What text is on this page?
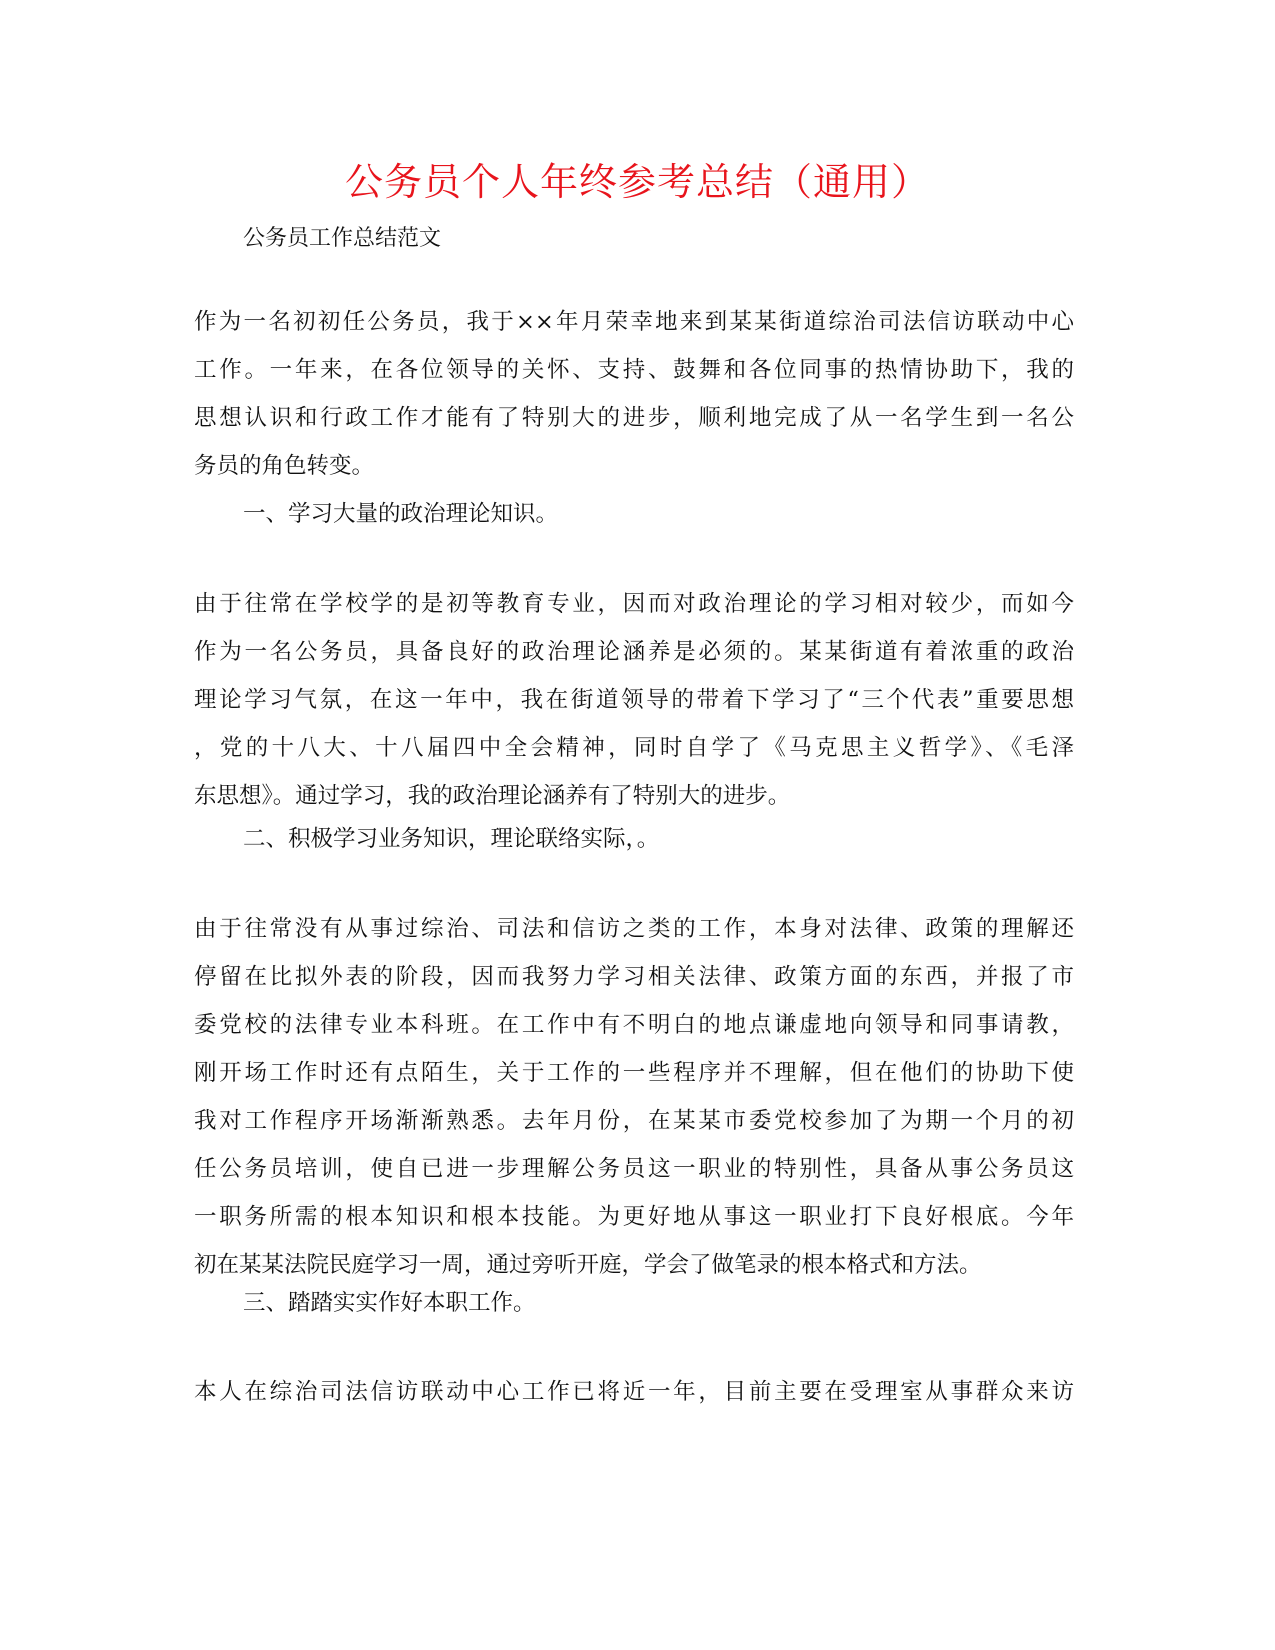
公务员个人年终参考总结（通用）
公务员工作总结范文
作为一名初初任公务员，我于××年月荣幸地来到某某街道综治司法信访联动中心
工作。一年来，在各位领导的关怀、支持、鼓舞和各位同事的热情协助下，我的
思想认识和行政工作才能有了特别大的进步，顺利地完成了从一名学生到一名公
务员的角色转变。
一、学习大量的政治理论知识。
由于往常在学校学的是初等教育专业，因而对政治理论的学习相对较少，而如今
作为一名公务员，具备良好的政治理论涵养是必须的。某某街道有着浓重的政治
理论学习气氛，在这一年中，我在街道领导的带着下学习了“三个代表”重要思想
，党的十八大、十八届四中全会精神，同时自学了《马克思主义哲学》、《毛泽
东思想》。通过学习，我的政治理论涵养有了特别大的进步。
二、积极学习业务知识，理论联络实际，。
由于往常没有从事过综治、司法和信访之类的工作，本身对法律、政策的理解还
停留在比拟外表的阶段，因而我努力学习相关法律、政策方面的东西，并报了市
委党校的法律专业本科班。在工作中有不明白的地点谦虚地向领导和同事请教，
刚开场工作时还有点陌生，关于工作的一些程序并不理解，但在他们的协助下使
我对工作程序开场渐渐熟悉。去年月份，在某某市委党校参加了为期一个月的初
任公务员培训，使自已进一步理解公务员这一职业的特别性，具备从事公务员这
一职务所需的根本知识和根本技能。为更好地从事这一职业打下良好根底。今年
初在某某法院民庭学习一周，通过旁听开庭，学会了做笔录的根本格式和方法。
三、踏踏实实作好本职工作。
本人在综治司法信访联动中心工作已将近一年，目前主要在受理室从事群众来访
